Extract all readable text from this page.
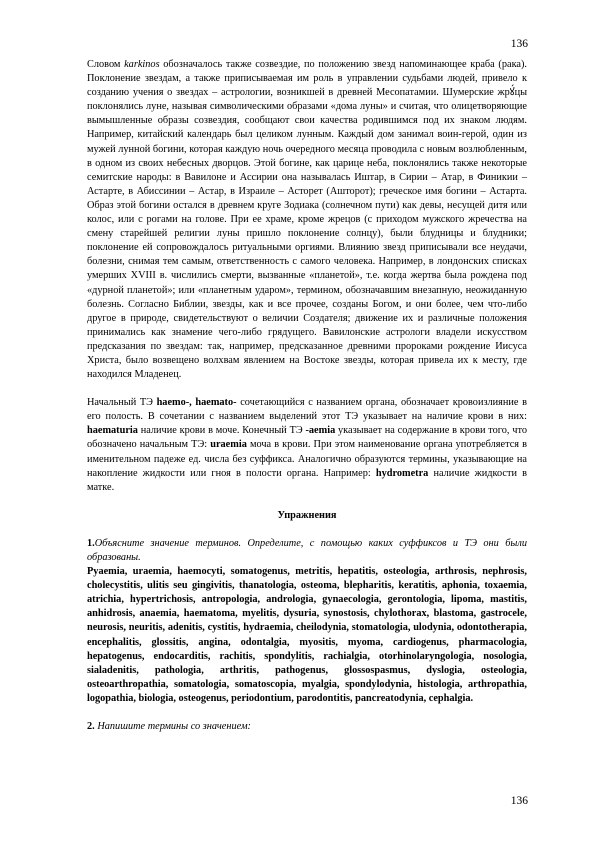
136

Словом karkinos обозначалось также созвездие, по положению звезд напоминающее краба (рака). Поклонение звездам, а также приписываемая им роль в управлении судьбами людей, привело к созданию учения о звездах – астрологии, возникшей в древней Месопатамии. Шумерские жрꙋ́цы поклонялись луне, называя символическими образами «дома луны» и считая, что олицетворяющие вымышленные образы созвездия, сообщают свои качества родившимся под их знаком людям. Например, китайский календарь был целиком лунным. Каждый дом занимал воин-герой, один из мужей лунной богини, которая каждую ночь очередного месяца проводила с новым возлюбленным, в одном из своих небесных дворцов. Этой богине, как царице неба, поклонялись также некоторые семитские народы: в Вавилоне и Ассирии она называлась Иштар, в Сирии – Атар, в Финикии – Астарте, в Абиссинии – Астар, в Израиле – Асторет (Ашторот); греческое имя богини – Астарта. Образ этой богини остался в древнем круге Зодиака (солнечном пути) как девы, несущей дитя или колос, или с рогами на голове. При ее храме, кроме жрецов (с приходом мужского жречества на смену старейшей религии луны пришло поклонение солнцу), были блудницы и блудники; поклонение ей сопровождалось ритуальными оргиями. Влиянию звезд приписывали все неудачи, болезни, снимая тем самым, ответственность с самого человека. Например, в лондонских списках умерших XVIII в. числились смерти, вызванные «планетой», т.е. когда жертва была рождена под «дурной планетой»; или «планетным ударом», термином, обозначавшим внезапную, неожиданную болезнь. Согласно Библии, звезды, как и все прочее, созданы Богом, и они более, чем что-либо другое в природе, свидетельствуют о величии Создателя; движение их и различные положения принимались как знамение чего-либо грядущего. Вавилонские астрологи владели искусством предсказания по звездам: так, например, предсказанное древними пророками рождение Иисуса Христа, было возвещено волхвам явлением на Востоке звезды, которая привела их к месту, где находился Младенец.

Начальный ТЭ haemo-, haemato- сочетающийся с названием органа, обозначает кровоизлияние в его полость. В сочетании с названием выделений этот ТЭ указывает на наличие крови в них: haematuria наличие крови в моче. Конечный ТЭ -aemia указывает на содержание в крови того, что обозначено начальным ТЭ: uraemia моча в крови. При этом наименование органа употребляется в именительном падеже ед. числа без суффикса. Аналогично образуются термины, указывающие на накопление жидкости или гноя в полости органа. Например: hydrometra наличие жидкости в матке.

Упражнения

1.Объясните значение терминов. Определите, с помощью каких суффиксов и ТЭ они были образованы.

Pyaemia, uraemia, haemocyti, somatogenus, metritis, hepatitis, osteologia, arthrosis, nephrosis, cholecystitis, ulitis seu gingivitis, thanatologia, osteoma, blepharitis, keratitis, aphonia, toxaemia, atrichia, hypertrichosis, antropologia, andrologia, gynaecologia, gerontologia, lipoma, mastitis, anhidrosis, anaemia, haematoma, myelitis, dysuria, synostosis, chylothorax, blastoma, gastrocele, neurosis, neuritis, adenitis, cystitis, hydraemia, cheilodynia, stomatologia, ulodynia, odontotherapia, encephalitis, glossitis, angina, odontalgia, myositis, myoma, cardiogenus, pharmacologia, hepatogenus, endocarditis, rachitis, spondylitis, rachialgia, otorhinolaryngologia, nosologia, sialadenitis, pathologia, arthritis, pathogenus, glossospasmus, dyslogia, osteologia, osteoarthropathia, somatologia, somatoscopia, myalgia, spondylodynia, histologia, arthropathia, logopathia, biologia, osteogenus, periodontium, parodontitis, pancreatodynia, cephalgia.

2. Напишите термины со значением:

136
